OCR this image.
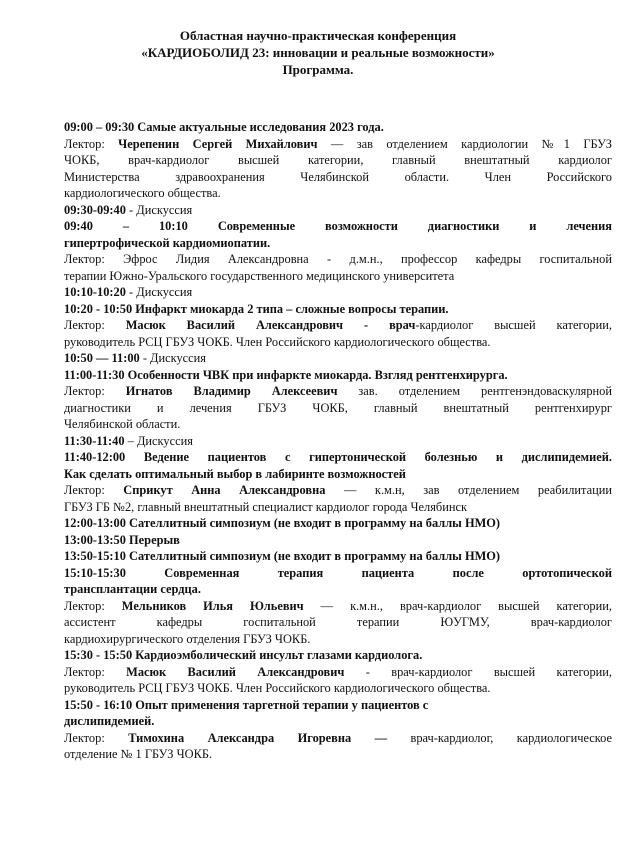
Областная научно-практическая конференция
«КАРДИОБОЛИД 23: инновации и реальные возможности»
Программа.
09:00 – 09:30 Самые актуальные исследования 2023 года.
Лектор: Черепенин Сергей Михайлович — зав отделением кардиологии №1 ГБУЗ
ЧОКБ, врач-кардиолог высшей категории, главный внештатный кардиолог
Министерства здравоохранения Челябинской области. Член Российского
кардиологического общества.
09:30-09:40 - Дискуссия
09:40 – 10:10 Современные возможности диагностики и лечения
гипертрофической кардиомиопатии.
Лектор: Эфрос Лидия Александровна - д.м.н., профессор кафедры госпитальной
терапии Южно-Уральского государственного медицинского университета
10:10-10:20 - Дискуссия
10:20 - 10:50 Инфаркт миокарда 2 типа – сложные вопросы терапии.
Лектор: Масюк Василий Александрович - врач-кардиолог высшей категории,
руководитель РСЦ ГБУЗ ЧОКБ. Член Российского кардиологического общества.
10:50 — 11:00 - Дискуссия
11:00-11:30 Особенности ЧВК при инфаркте миокарда. Взгляд рентгенхирурга.
Лектор: Игнатов Владимир Алексеевич зав. отделением рентгенэндоваскулярной
диагностики и лечения ГБУЗ ЧОКБ, главный внештатный рентгенхирург
Челябинской области.
11:30-11:40 – Дискуссия
11:40-12:00 Ведение пациентов с гипертонической болезнью и дислипидемией.
Как сделать оптимальный выбор в лабиринте возможностей
Лектор: Сприкут Анна Александровна — к.м.н, зав отделением реабилитации
ГБУЗ ГБ №2, главный внештатный специалист кардиолог города Челябинск
12:00-13:00 Сателлитный симпозиум (не входит в программу на баллы НМО)
13:00-13:50 Перерыв
13:50-15:10 Сателлитный симпозиум (не входит в программу на баллы НМО)
15:10-15:30 Современная терапия пациента после ортотопической
трансплантации сердца.
Лектор: Мельников Илья Юльевич — к.м.н., врач-кардиолог высшей категории,
ассистент кафедры госпитальной терапии ЮУГМУ, врач-кардиолог
кардиохирургического отделения ГБУЗ ЧОКБ.
15:30 - 15:50 Кардиоэмболический инсульт глазами кардиолога.
Лектор: Масюк Василий Александрович - врач-кардиолог высшей категории,
руководитель РСЦ ГБУЗ ЧОКБ. Член Российского кардиологического общества.
15:50 - 16:10 Опыт применения таргетной терапии у пациентов с
дислипидемией.
Лектор: Тимохина Александра Игоревна — врач-кардиолог, кардиологическое
отделение № 1 ГБУЗ ЧОКБ.
